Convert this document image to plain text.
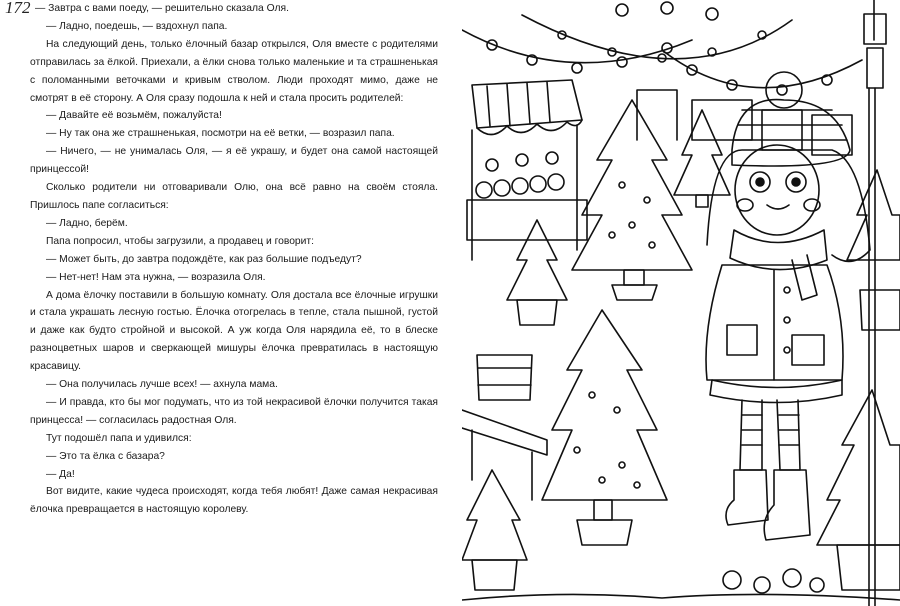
172 — Завтра с вами поеду, — решительно сказала Оля.

— Ладно, поедешь, — вздохнул папа.

На следующий день, только ёлочный базар открылся, Оля вместе с родителями отправилась за ёлкой. Приехали, а ёлки снова только маленькие и та страшненькая с поломанными веточками и кривым стволом. Люди проходят мимо, даже не смотрят в её сторону. А Оля сразу подошла к ней и стала просить родителей:

— Давайте её возьмём, пожалуйста!

— Ну так она же страшненькая, посмотри на её ветки, — возразил папа.

— Ничего, — не унималась Оля, — я её украшу, и будет она самой настоящей принцессой!

Сколько родители ни отговаривали Олю, она всё равно на своём стояла. Пришлось папе согласиться:

— Ладно, берём.

Папа попросил, чтобы загрузили, а продавец и говорит:

— Может быть, до завтра подождёте, как раз большие подъедут?

— Нет-нет! Нам эта нужна, — возразила Оля.

А дома ёлочку поставили в большую комнату. Оля достала все ёлочные игрушки и стала украшать лесную гостью. Ёлочка отогрелась в тепле, стала пышной, густой и даже как будто стройной и высокой. А уж когда Оля нарядила её, то в блеске разноцветных шаров и сверкающей мишуры ёлочка превратилась в настоящую красавицу.

— Она получилась лучше всех! — ахнула мама.

— И правда, кто бы мог подумать, что из той некрасивой ёлочки получится такая принцесса! — согласилась радостная Оля.

Тут подошёл папа и удивился:

— Это та ёлка с базара?

— Да!

Вот видите, какие чудеса происходят, когда тебя любят! Даже самая некрасивая ёлочка превращается в настоящую королеву.
